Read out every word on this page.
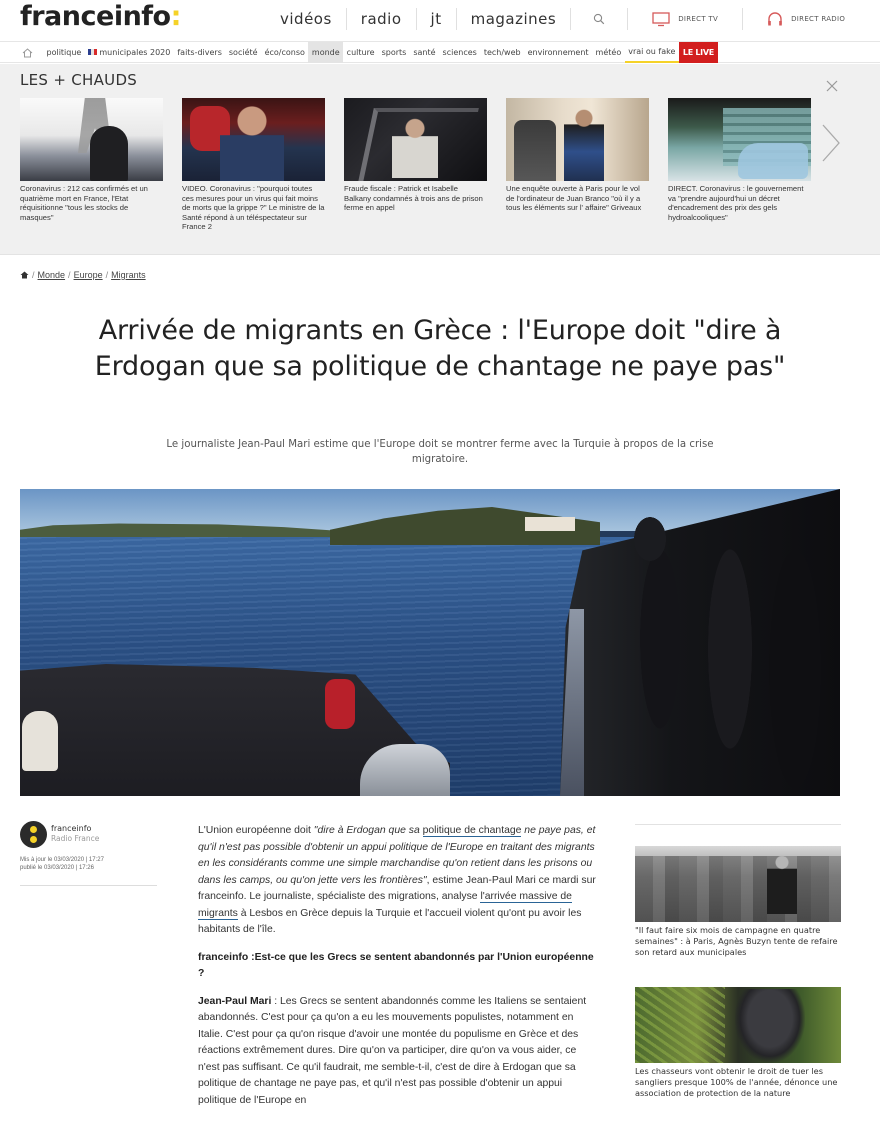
franceinfo:	vidéos	radio	jt	magazines	DIRECT TV	DIRECT RADIO
politique	municipales 2020 faits-divers société éco/conso monde culture sports santé sciences tech/web environnement météo vrai ou fake LE LIVE
LES + CHAUDS
Coronavirus : 212 cas confirmés et un quatrième mort en France, l'Etat réquisitionne "tous les stocks de masques"
VIDEO. Coronavirus : "pourquoi toutes ces mesures pour un virus qui fait moins de morts que la grippe ?" Le ministre de la Santé répond à un téléspectateur sur France 2
Fraude fiscale : Patrick et Isabelle Balkany condamnés à trois ans de prison ferme en appel
Une enquête ouverte à Paris pour le vol de l'ordinateur de Juan Branco "où il y a tous les éléments sur l' affaire" Griveaux
DIRECT. Coronavirus : le gouvernement va "prendre aujourd'hui un décret d'encadrement des prix des gels hydroalcooliques"
/ Monde / Europe / Migrants
Arrivée de migrants en Grèce : l'Europe doit "dire à Erdogan que sa politique de chantage ne paye pas"

Le journaliste Jean-Paul Mari estime que l'Europe doit se montrer ferme avec la Turquie à propos de la crise migratoire.

franceinfo
Radio France
Mis à jour le 03/03/2020 | 17:27
publié le 03/03/2020 | 17:26

L'Union européenne doit "dire à Erdogan que sa politique de chantage ne paye pas, et qu'il n'est pas possible d'obtenir un appui politique de l'Europe en traitant des migrants en les considérants comme une simple marchandise qu'on retient dans les prisons ou dans les camps, ou qu'on jette vers les frontières", estime Jean-Paul Mari ce mardi sur franceinfo. Le journaliste, spécialiste des migrations, analyse l'arrivée massive de migrants à Lesbos en Grèce depuis la Turquie et l'accueil violent qu'ont pu avoir les habitants de l'île.

franceinfo :Est-ce que les Grecs se sentent abandonnés par l'Union européenne ?

Jean-Paul Mari : Les Grecs se sentent abandonnés comme les Italiens se sentaient abandonnés. C'est pour ça qu'on a eu les mouvements populistes, notamment en Italie. C'est pour ça qu'on risque d'avoir une montée du populisme en Grèce et des réactions extrêmement dures. Dire qu'on va participer, dire qu'on va vous aider, ce n'est pas suffisant. Ce qu'il faudrait, me semble-t-il, c'est de dire à Erdogan que sa politique de chantage ne paye pas, et qu'il n'est pas possible d'obtenir un appui politique de l'Europe en

"Il faut faire six mois de campagne en quatre semaines" : à Paris, Agnès Buzyn tente de refaire son retard aux municipales
Les chasseurs vont obtenir le droit de tuer les sangliers presque 100% de l'année, dénonce une association de protection de la nature
